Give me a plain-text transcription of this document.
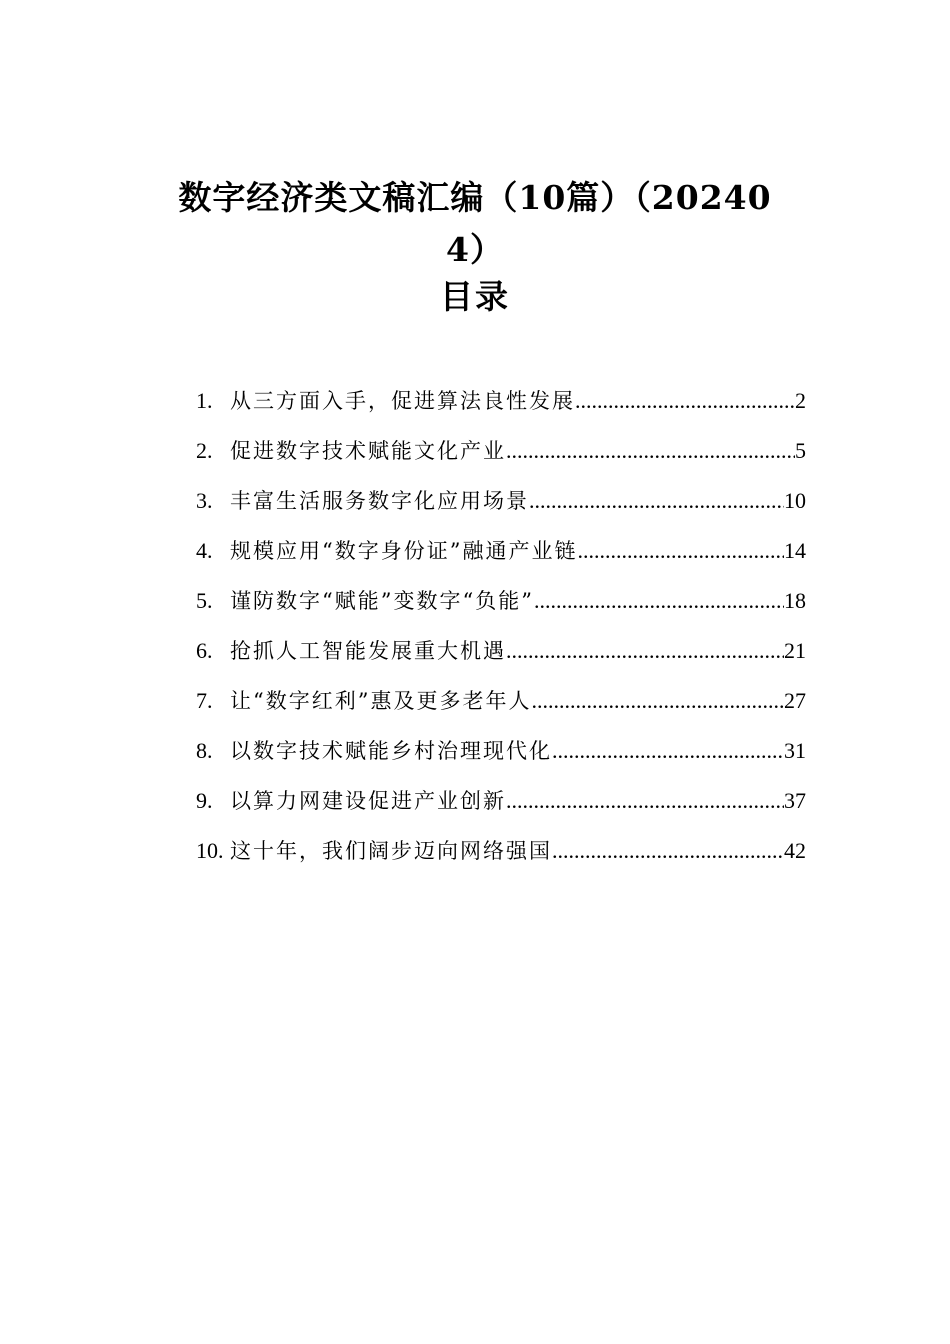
数字经济类文稿汇编（10篇）（20240
4）
目录
1. 从三方面入手，促进算法良性发展 .....	2
2. 促进数字技术赋能文化产业 .....	5
3. 丰富生活服务数字化应用场景 .....	10
4. 规模应用“数字身份证”融通产业链 .....	14
5. 谨防数字“赋能”变数字“负能” .....	18
6. 抢抓人工智能发展重大机遇 .....	21
7. 让“数字红利”惠及更多老年人 .....	27
8. 以数字技术赋能乡村治理现代化 .....	31
9. 以算力网建设促进产业创新 .....	37
10. 这十年，我们阔步迈向网络强国 .....	42
